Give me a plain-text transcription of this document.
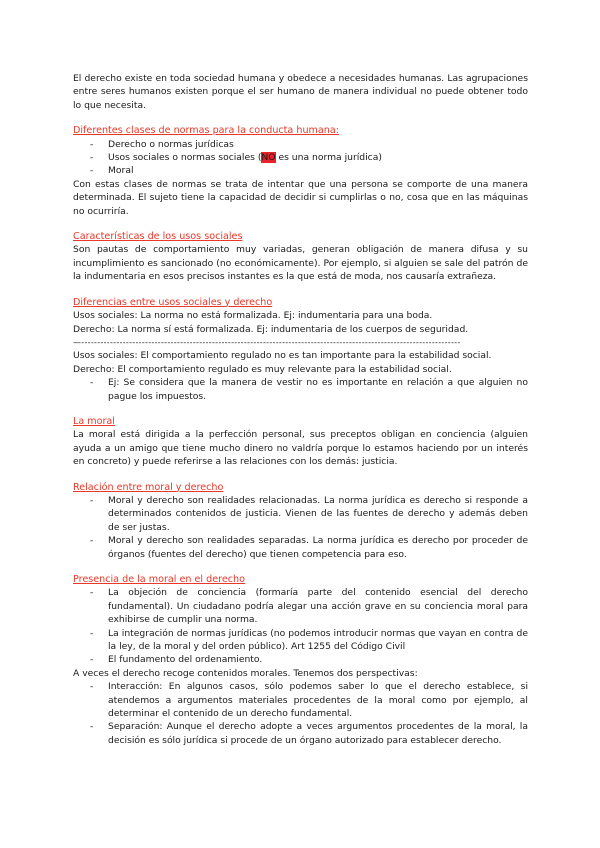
El derecho existe en toda sociedad humana y obedece a necesidades humanas. Las agrupaciones entre seres humanos existen porque el ser humano de manera individual no puede obtener todo lo que necesita.

Diferentes clases de normas para la conducta humana:
- Derecho o normas jurídicas
- Usos sociales o normas sociales (NO es una norma jurídica)
- Moral

Con estas clases de normas se trata de intentar que una persona se comporte de una manera determinada. El sujeto tiene la capacidad de decidir si cumplirlas o no, cosa que en las máquinas no ocurriría.

Características de los usos sociales

Son pautas de comportamiento muy variadas, generan obligación de manera difusa y su incumplimiento es sancionado (no económicamente). Por ejemplo, si alguien se sale del patrón de la indumentaria en esos precisos instantes es la que está de moda, nos causaría extrañeza.

Diferencias entre usos sociales y derecho

Usos sociales: La norma no está formalizada. Ej: indumentaria para una boda.

Derecho: La norma sí está formalizada. Ej: indumentaria de los cuerpos de seguridad.

—-----------------------------------------------------------------------------------------------------------------------

Usos sociales: El comportamiento regulado no es tan importante para la estabilidad social.

Derecho: El comportamiento regulado es muy relevante para la estabilidad social.

- Ej: Se considera que la manera de vestir no es importante en relación a que alguien no pague los impuestos.
La moral

La moral está dirigida a la perfección personal, sus preceptos obligan en conciencia (alguien ayuda a un amigo que tiene mucho dinero no valdría porque lo estamos haciendo por un interés en concreto) y puede referirse a las relaciones con los demás: justicia.

Relación entre moral y derecho
- Moral y derecho son realidades relacionadas. La norma jurídica es derecho si responde a determinados contenidos de justicia. Vienen de las fuentes de derecho y además deben de ser justas.
- Moral y derecho son realidades separadas. La norma jurídica es derecho por proceder de órganos (fuentes del derecho) que tienen competencia para eso.
Presencia de la moral en el derecho
- La objeción de conciencia (formaría parte del contenido esencial del derecho fundamental). Un ciudadano podría alegar una acción grave en su conciencia moral para exhibirse de cumplir una norma.
- La integración de normas jurídicas (no podemos introducir normas que vayan en contra de la ley, de la moral y del orden público). Art 1255 del Código Civil
- El fundamento del ordenamiento.

A veces el derecho recoge contenidos morales. Tenemos dos perspectivas:

- Interacción: En algunos casos, sólo podemos saber lo que el derecho establece, si atendemos a argumentos materiales procedentes de la moral como por ejemplo, al determinar el contenido de un derecho fundamental.
- Separación: Aunque el derecho adopte a veces argumentos procedentes de la moral, la decisión es sólo jurídica si procede de un órgano autorizado para establecer derecho.
